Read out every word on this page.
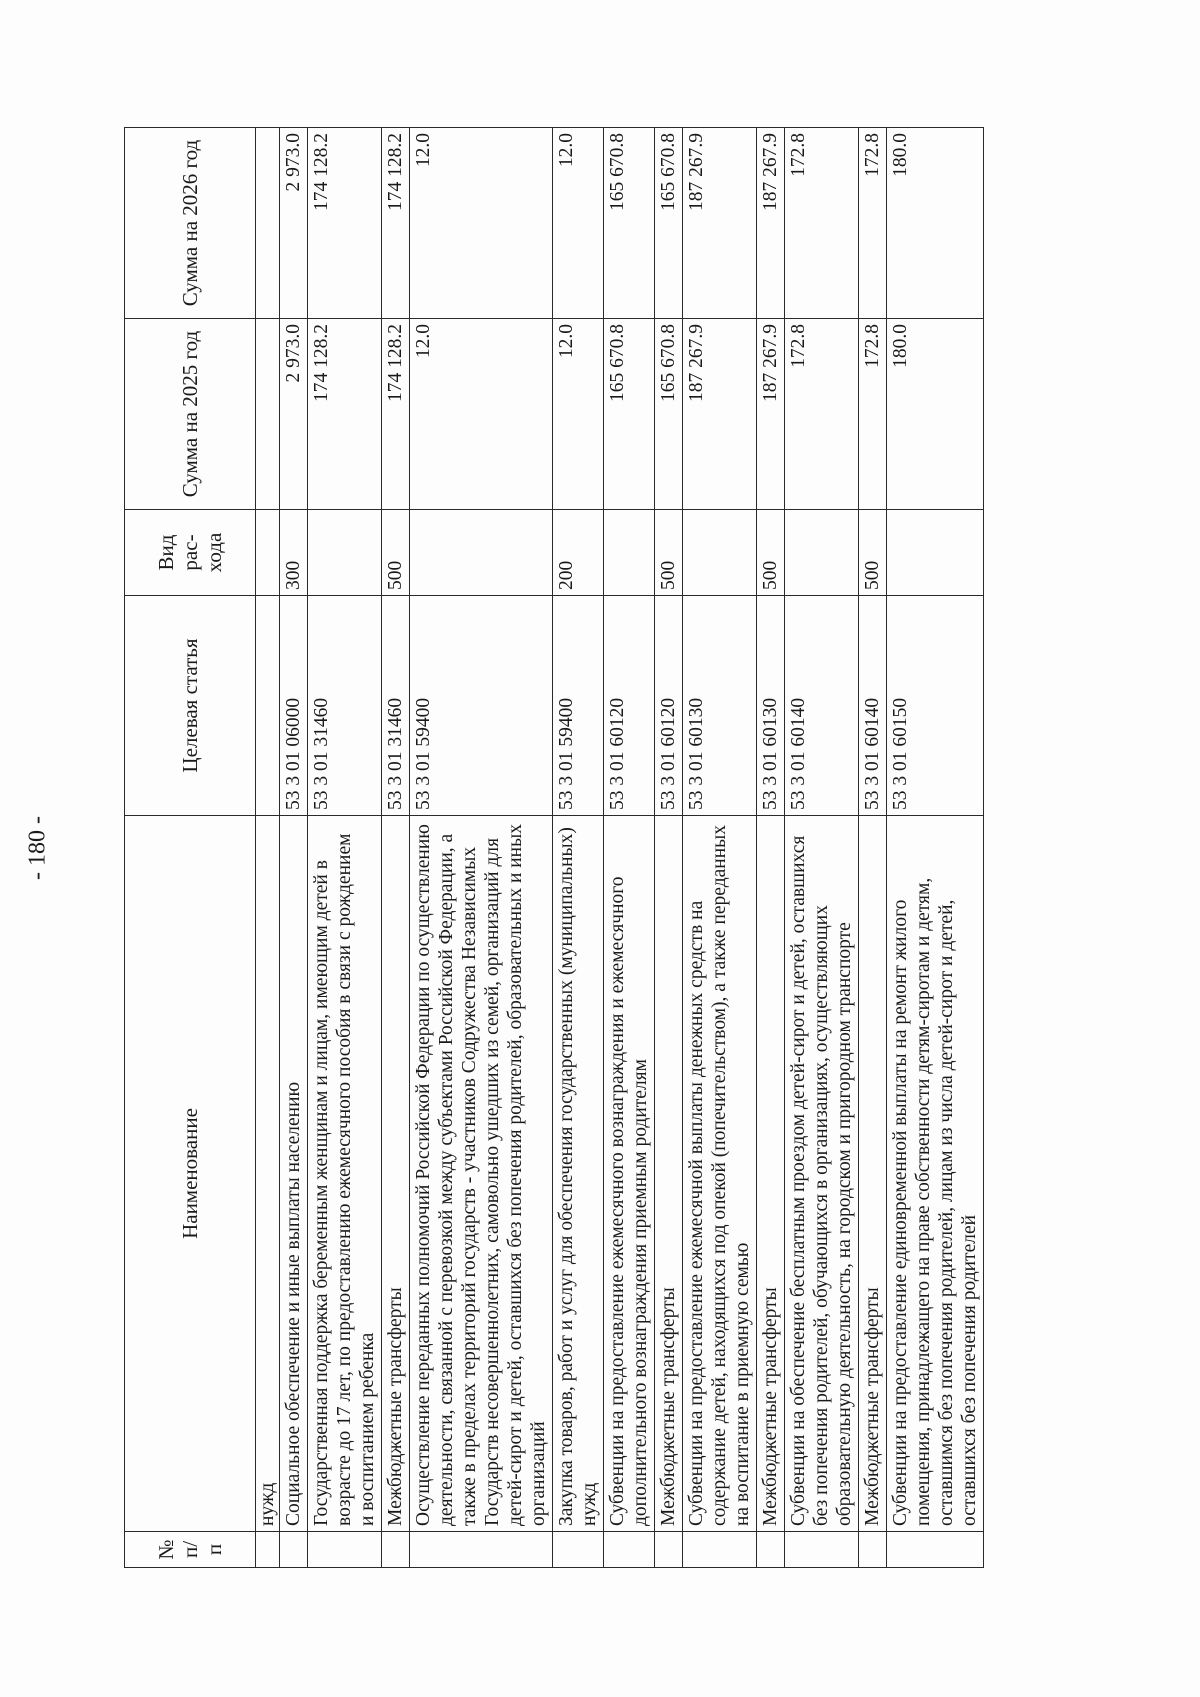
- 180 -
№ п/п	Наименование	Целевая статья	Вид рас-хода	Сумма на 2025 год	Сумма на 2026 год
	нужд				
	Социальное обеспечение и иные выплаты населению	53 3 01 06000	300	2 973.0	2 973.0
	Государственная поддержка беременным женщинам и лицам, имеющим детей в возрасте до 17 лет, по предоставлению ежемесячного пособия в связи с рождением и воспитанием ребенка	53 3 01 31460		174 128.2	174 128.2
	Межбюджетные трансферты	53 3 01 31460	500	174 128.2	174 128.2
	Осуществление переданных полномочий Российской Федерации по осуществлению деятельности, связанной с перевозкой между субъектами Российской Федерации, а также в пределах территорий государств - участников Содружества Независимых Государств несовершеннолетних, самовольно ушедших из семей, организаций для детей-сирот и детей, оставшихся без попечения родителей, образовательных и иных организаций	53 3 01 59400		12.0	12.0
	Закупка товаров, работ и услуг для обеспечения государственных (муниципальных) нужд	53 3 01 59400	200	12.0	12.0
	Субвенции на предоставление ежемесячного вознаграждения и ежемесячного дополнительного вознаграждения приемным родителям	53 3 01 60120		165 670.8	165 670.8
	Межбюджетные трансферты	53 3 01 60120	500	165 670.8	165 670.8
	Субвенции на предоставление ежемесячной выплаты денежных средств на содержание детей, находящихся под опекой (попечительством), а также переданных на воспитание в приемную семью	53 3 01 60130		187 267.9	187 267.9
	Межбюджетные трансферты	53 3 01 60130	500	187 267.9	187 267.9
	Субвенции на обеспечение бесплатным проездом детей-сирот и детей, оставшихся без попечения родителей, обучающихся в организациях, осуществляющих образовательную деятельность, на городском и пригородном транспорте	53 3 01 60140		172.8	172.8
	Межбюджетные трансферты	53 3 01 60140	500	172.8	172.8
	Субвенции на предоставление единовременной выплаты на ремонт жилого помещения, принадлежащего на праве собственности детям-сиротам и детям, оставшимся без попечения родителей, лицам из числа детей-сирот и детей, оставшихся без попечения родителей	53 3 01 60150		180.0	180.0
